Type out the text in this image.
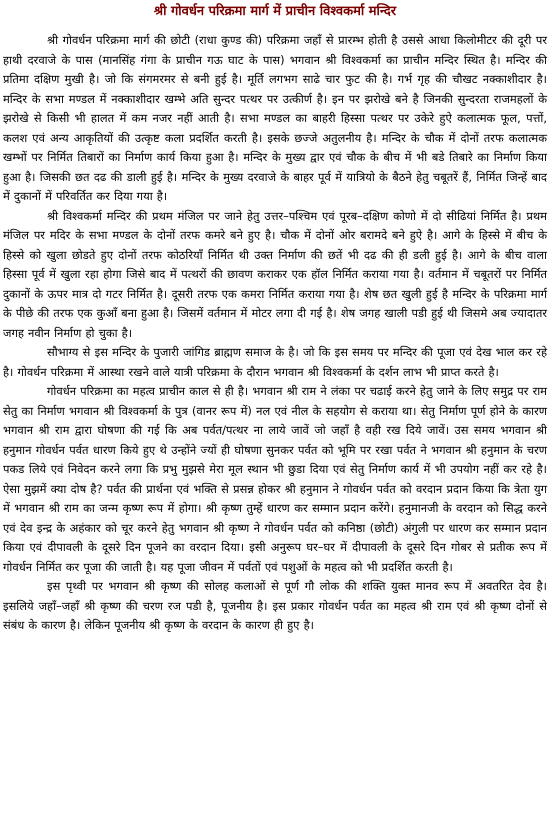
श्री गोवर्धन परिक्रमा मार्ग में प्राचीन विश्वकर्मा मन्दिर

श्री गोवर्धन परिक्रमा मार्ग की छोटी (राधा कुण्ड की) परिक्रमा जहाँ से प्रारम्भ होती है उससे आधा किलोमीटर की दूरी पर हाथी दरवाजे के पास (मानसिंह गंगा के प्राचीन गऊ घाट के पास) भगवान श्री विश्वकर्मा का प्राचीन मन्दिर स्थित है। मन्दिर की प्रतिमा दक्षिण मुखी है। जो कि संगमरमर से बनी हुई है। मूर्ति लगभग साढे चार फुट की है। गर्भ गृह की चौखट नक्काशीदार है। मन्दिर के सभा मण्डल में नक्काशीदार खम्भे अति सुन्दर पत्थर पर उत्कीर्ण है। इन पर झरोखे बने है जिनकी सुन्दरता राजमहलों के झरोखे से किसी भी हालत में कम नजर नहीं आती है। सभा मण्डल का बाहरी हिस्सा पत्थर पर उकेरे हुऐ कलात्मक फूल, पत्तों, कलश एवं अन्य आकृतियों की उत्कृष्ट कला प्रदर्शित करती है। इसके छज्जे अतुलनीय है। मन्दिर के चौक में दोनों तरफ कलात्मक खम्भों पर निर्मित तिबारों का निर्माण कार्य किया हुआ है। मन्दिर के मुख्य द्वार एवं चौक के बीच में भी बडे तिबारे का निर्माण किया हुआ है। जिसकी छत दढ की डाली हुई है। मन्दिर के मुख्य दरवाजे के बाहर पूर्व में यात्रियो के बैठने हेतु चबूतरें हैं, निर्मित जिन्हें बाद में दुकानों में परिवर्तित कर दिया गया है।

श्री विश्वकर्मा मन्दिर की प्रथम मंजिल पर जाने हेतु उत्तर–पश्चिम एवं पूरब–दक्षिण कोणो में दो सीढियां निर्मित है। प्रथम मंजिल पर मदिर के सभा मण्डल के दोनों तरफ कमरे बने हुए है। चौक में दोनों ओर बरामदे बने हुऐ है। आगे के हिस्से में बीच के हिस्से को खुला छोडते हुए दोनों तरफ कोठरियाँ निर्मित थी उक्त निर्माण की छतें भी दढ की ही डली हुई है। आगे के बीच वाला हिस्सा पूर्व में खुला रहा होगा जिसे बाद में पत्थरों की छावण कराकर एक हॉल निर्मित कराया गया है। वर्तमान में चबूतरों पर निर्मित दुकानों के ऊपर मात्र दो गटर निर्मित है। दूसरी तरफ एक कमरा निर्मित कराया गया है। शेष छत खुली हुई है मन्दिर के परिक्रमा मार्ग के पीछे की तरफ एक कुआँ बना हुआ है। जिसमें वर्तमान में मोटर लगा दी गई है। शेष जगह खाली पडी हुई थी जिसमे अब ज्यादातर जगह नवीन निर्माण हो चुका है।

सौभाग्य से इस मन्दिर के पुजारी जांगिड ब्राह्मण समाज के है। जो कि इस समय पर मन्दिर की पूजा एवं देख भाल कर रहे है। गोवर्धन परिक्रमा में आस्था रखने वाले यात्री परिक्रमा के दौरान भगवान श्री विश्वकर्मा के दर्शन लाभ भी प्राप्त करते है।

गोवर्धन परिक्रमा का महत्व प्राचीन काल से ही है। भगवान श्री राम ने लंका पर चढाई करने हेतु जाने के लिए समुद्र पर राम सेतु का निर्माण भगवान श्री विश्वकर्मा के पुत्र (वानर रूप में) नल एवं नील के सहयोग से कराया था। सेतु निर्माण पूर्ण होने के कारण भगवान श्री राम द्वारा घोषणा की गई कि अब पर्वत/पत्थर ना लाये जावें जो जहाँ है वही रख दिये जावें। उस समय भगवान श्री हनुमान गोवर्धन पर्वत धारण किये हुए थे उन्होंने ज्यों ही घोषणा सुनकर पर्वत को भूमि पर रखा पर्वत ने भगवान श्री हनुमान के चरण पकड लिये एवं निवेदन करने लगा कि प्रभु मुझसे मेरा मूल स्थान भी छुडा दिया एवं सेतु निर्माण कार्य में भी उपयोग नहीं कर रहे है। ऐसा मुझमें क्या दोष है? पर्वत की प्रार्थना एवं भक्ति से प्रसन्न होकर श्री हनुमान ने गोवर्धन पर्वत को वरदान प्रदान किया कि त्रेता युग में भगवान श्री राम का जन्म कृष्ण रूप में होगा। श्री कृष्ण तुम्हें धारण कर सम्मान प्रदान करेंगे। हनुमानजी के वरदान को सिद्ध करने एवं देव इन्द्र के अहंकार को चूर करने हेतु भगवान श्री कृष्ण ने गोवर्धन पर्वत को कनिष्ठा (छोटी) अंगुली पर धारण कर सम्मान प्रदान किया एवं दीपावली के दूसरे दिन पूजने का वरदान दिया। इसी अनुरूप घर–घर में दीपावली के दूसरे दिन गोबर से प्रतीक रूप में गोवर्धन निर्मित कर पूजा की जाती है। यह पूजा जीवन में पर्वतों एवं पशुओं के महत्व को भी प्रदर्शित करती है।

इस पृथ्वी पर भगवान श्री कृष्ण की सोलह कलाओं से पूर्ण गौ लोक की शक्ति युक्त मानव रूप में अवतरित देव है। इसलिये जहाँ–जहाँ श्री कृष्ण की चरण रज पडी है, पूजनीय है। इस प्रकार गोवर्धन पर्वत का महत्व श्री राम एवं श्री कृष्ण दोनों से संबंध के कारण है। लेकिन पूजनीय श्री कृष्ण के वरदान के कारण ही हुए है।
